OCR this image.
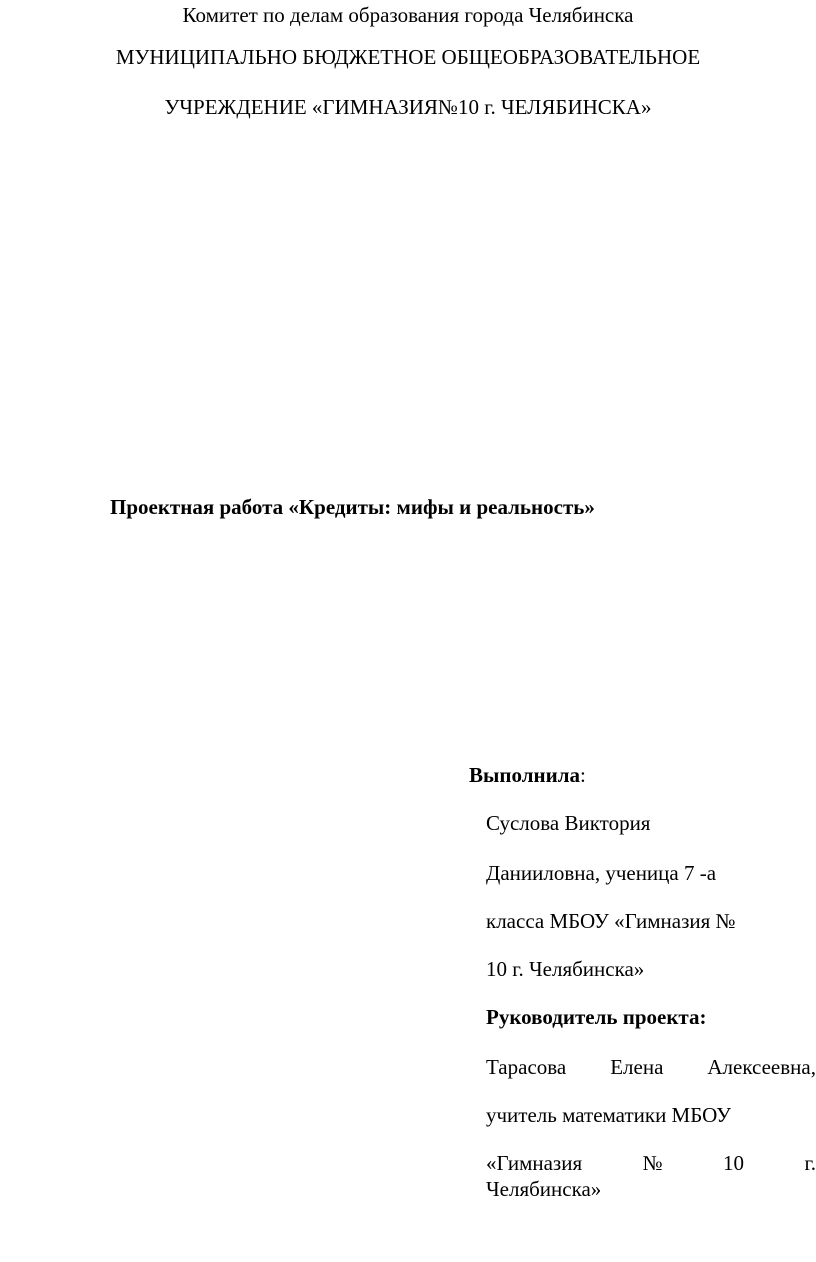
Комитет по делам образования города Челябинска
МУНИЦИПАЛЬНО БЮДЖЕТНОЕ ОБЩЕОБРАЗОВАТЕЛЬНОЕ
УЧРЕЖДЕНИЕ «ГИМНАЗИЯ№10 г. ЧЕЛЯБИНСКА»
Проектная работа «Кредиты: мифы и реальность»
Выполнила:
Суслова Виктория
Данииловна, ученица 7 -а
класса МБОУ «Гимназия №
10 г. Челябинска»
Руководитель проекта:
Тарасова Елена Алексеевна,
учитель математики МБОУ
«Гимназия	№	10	г.
Челябинска»
